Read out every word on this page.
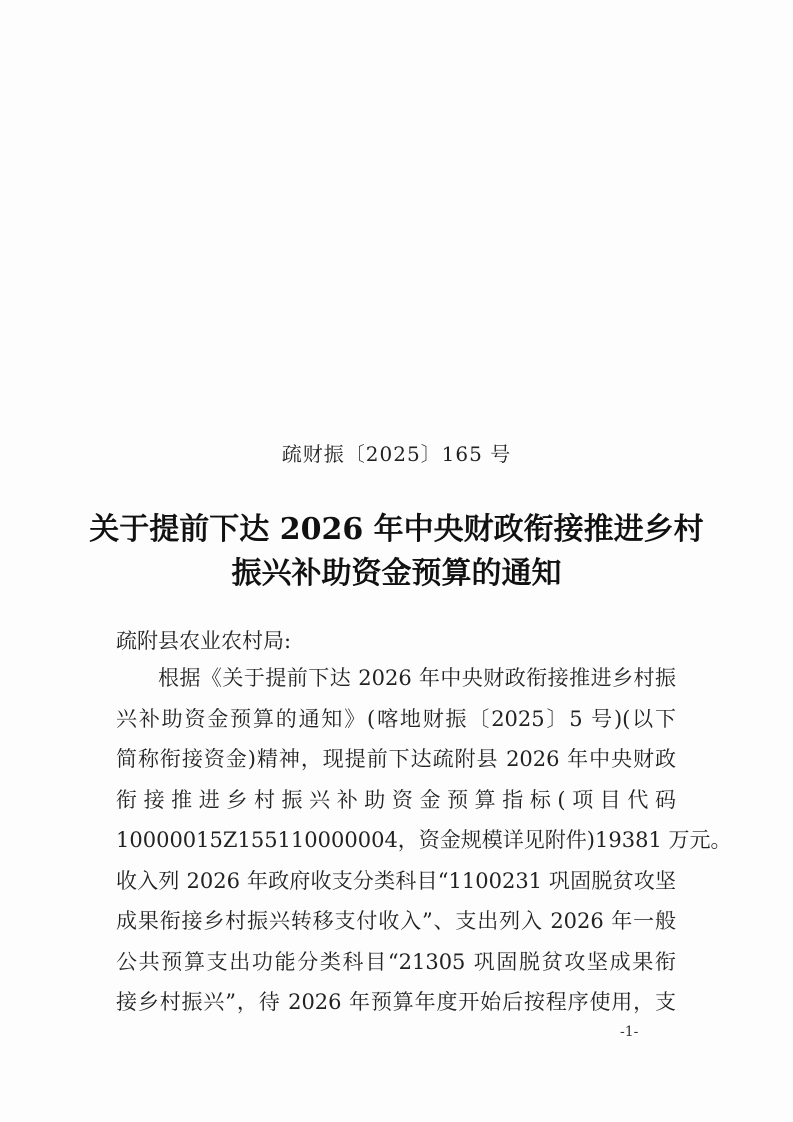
疏财振〔2025〕165 号
关于提前下达 2026 年中央财政衔接推进乡村
振兴补助资金预算的通知
疏附县农业农村局:
根据《关于提前下达 2026 年中央财政衔接推进乡村振
兴补助资金预算的通知》(喀地财振〔2025〕5 号)(以下
简称衔接资金)精神，现提前下达疏附县 2026 年中央财政
衔接推进乡村振兴补助资金预算指标(项目代码
10000015Z155110000004，资金规模详见附件)19381 万元。
收入列 2026 年政府收支分类科目“1100231 巩固脱贫攻坚
成果衔接乡村振兴转移支付收入”、支出列入 2026 年一般
公共预算支出功能分类科目“21305 巩固脱贫攻坚成果衔
接乡村振兴”，待 2026 年预算年度开始后按程序使用，支
-1-
